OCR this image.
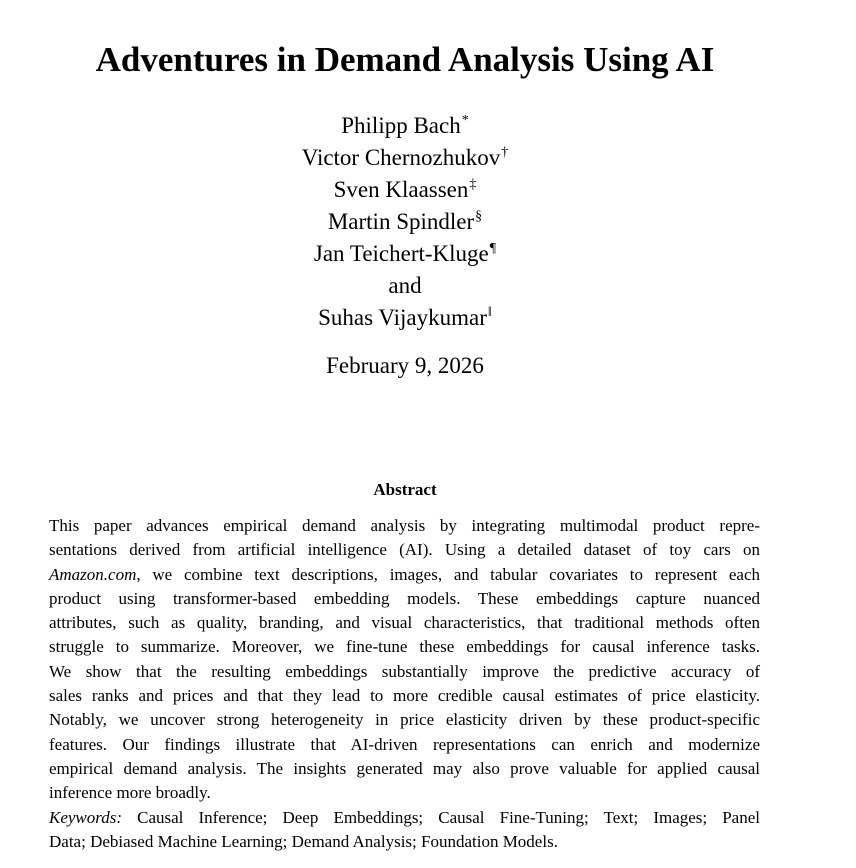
Adventures in Demand Analysis Using AI
Philipp Bach*
Victor Chernozhukov†
Sven Klaassen‡
Martin Spindler§
Jan Teichert-Kluge¶
and
Suhas Vijaykumar‖
February 9, 2026
Abstract
This paper advances empirical demand analysis by integrating multimodal product repre-
sentations derived from artificial intelligence (AI). Using a detailed dataset of toy cars on
Amazon.com, we combine text descriptions, images, and tabular covariates to represent each
product using transformer-based embedding models. These embeddings capture nuanced
attributes, such as quality, branding, and visual characteristics, that traditional methods often
struggle to summarize. Moreover, we fine-tune these embeddings for causal inference tasks.
We show that the resulting embeddings substantially improve the predictive accuracy of
sales ranks and prices and that they lead to more credible causal estimates of price elasticity.
Notably, we uncover strong heterogeneity in price elasticity driven by these product-specific
features. Our findings illustrate that AI-driven representations can enrich and modernize
empirical demand analysis. The insights generated may also prove valuable for applied causal
inference more broadly.
Keywords: Causal Inference; Deep Embeddings; Causal Fine-Tuning; Text; Images; Panel
Data; Debiased Machine Learning; Demand Analysis; Foundation Models.
